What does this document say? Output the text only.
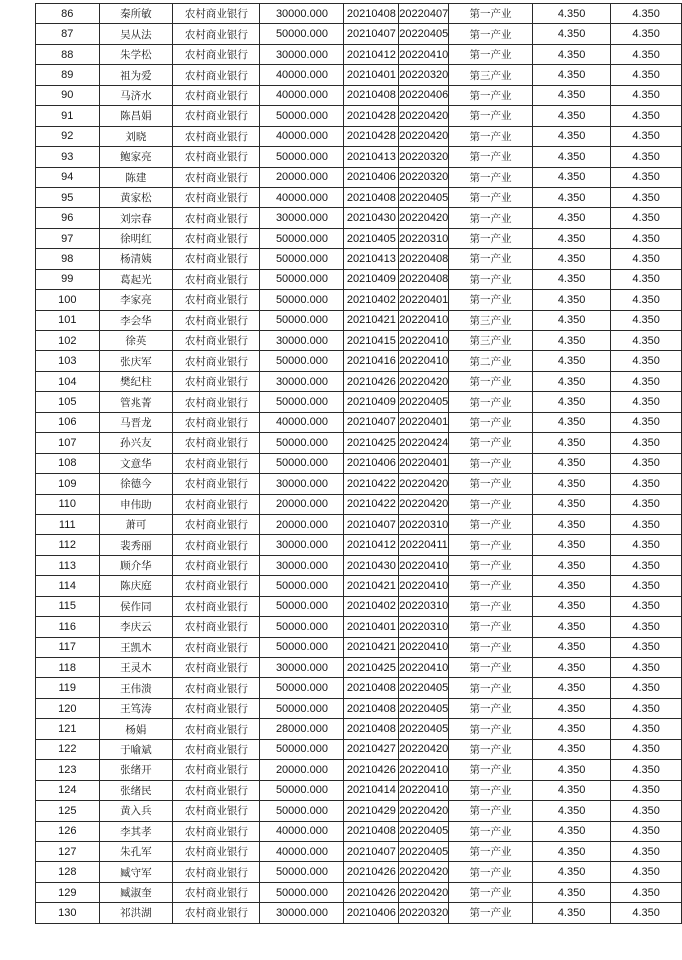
86	秦所敏	农村商业银行	30000.000	20210408	20220407	第一产业	4.350	4.350
87	吴从法	农村商业银行	50000.000	20210407	20220405	第一产业	4.350	4.350
88	朱学松	农村商业银行	30000.000	20210412	20220410	第一产业	4.350	4.350
89	祖为爱	农村商业银行	40000.000	20210401	20220320	第三产业	4.350	4.350
90	马济水	农村商业银行	40000.000	20210408	20220406	第一产业	4.350	4.350
91	陈昌娟	农村商业银行	50000.000	20210428	20220420	第一产业	4.350	4.350
92	刘晓	农村商业银行	40000.000	20210428	20220420	第一产业	4.350	4.350
93	鲍家亮	农村商业银行	50000.000	20210413	20220320	第一产业	4.350	4.350
94	陈建	农村商业银行	20000.000	20210406	20220320	第一产业	4.350	4.350
95	黄家松	农村商业银行	40000.000	20210408	20220405	第一产业	4.350	4.350
96	刘宗春	农村商业银行	30000.000	20210430	20220420	第一产业	4.350	4.350
97	徐明红	农村商业银行	50000.000	20210405	20220310	第一产业	4.350	4.350
98	杨清姨	农村商业银行	50000.000	20210413	20220408	第一产业	4.350	4.350
99	葛起光	农村商业银行	50000.000	20210409	20220408	第一产业	4.350	4.350
100	李家亮	农村商业银行	50000.000	20210402	20220401	第一产业	4.350	4.350
101	李会华	农村商业银行	50000.000	20210421	20220410	第三产业	4.350	4.350
102	徐英	农村商业银行	30000.000	20210415	20220410	第三产业	4.350	4.350
103	张庆军	农村商业银行	50000.000	20210416	20220410	第二产业	4.350	4.350
104	樊纪柱	农村商业银行	30000.000	20210426	20220420	第一产业	4.350	4.350
105	管兆菁	农村商业银行	50000.000	20210409	20220405	第一产业	4.350	4.350
106	马晋龙	农村商业银行	40000.000	20210407	20220401	第一产业	4.350	4.350
107	孙兴友	农村商业银行	50000.000	20210425	20220424	第一产业	4.350	4.350
108	文意华	农村商业银行	50000.000	20210406	20220401	第一产业	4.350	4.350
109	徐德今	农村商业银行	30000.000	20210422	20220420	第一产业	4.350	4.350
110	申伟助	农村商业银行	20000.000	20210422	20220420	第一产业	4.350	4.350
111	萧可	农村商业银行	20000.000	20210407	20220310	第一产业	4.350	4.350
112	裴秀丽	农村商业银行	30000.000	20210412	20220411	第一产业	4.350	4.350
113	顾介华	农村商业银行	30000.000	20210430	20220410	第一产业	4.350	4.350
114	陈庆庭	农村商业银行	50000.000	20210421	20220410	第一产业	4.350	4.350
115	侯作同	农村商业银行	50000.000	20210402	20220310	第一产业	4.350	4.350
116	李庆云	农村商业银行	50000.000	20210401	20220310	第一产业	4.350	4.350
117	王凯木	农村商业银行	50000.000	20210421	20220410	第一产业	4.350	4.350
118	王灵木	农村商业银行	30000.000	20210425	20220410	第一产业	4.350	4.350
119	王伟溃	农村商业银行	50000.000	20210408	20220405	第一产业	4.350	4.350
120	王笃涛	农村商业银行	50000.000	20210408	20220405	第一产业	4.350	4.350
121	杨娟	农村商业银行	28000.000	20210408	20220405	第一产业	4.350	4.350
122	于喻斌	农村商业银行	50000.000	20210427	20220420	第一产业	4.350	4.350
123	张绪开	农村商业银行	20000.000	20210426	20220410	第一产业	4.350	4.350
124	张绪民	农村商业银行	50000.000	20210414	20220410	第一产业	4.350	4.350
125	黄入兵	农村商业银行	50000.000	20210429	20220420	第一产业	4.350	4.350
126	李其孝	农村商业银行	40000.000	20210408	20220405	第一产业	4.350	4.350
127	朱孔军	农村商业银行	40000.000	20210407	20220405	第一产业	4.350	4.350
128	臧守军	农村商业银行	50000.000	20210426	20220420	第一产业	4.350	4.350
129	臧淑奎	农村商业银行	50000.000	20210426	20220420	第一产业	4.350	4.350
130	祁洪湖	农村商业银行	30000.000	20210406	20220320	第一产业	4.350	4.350
